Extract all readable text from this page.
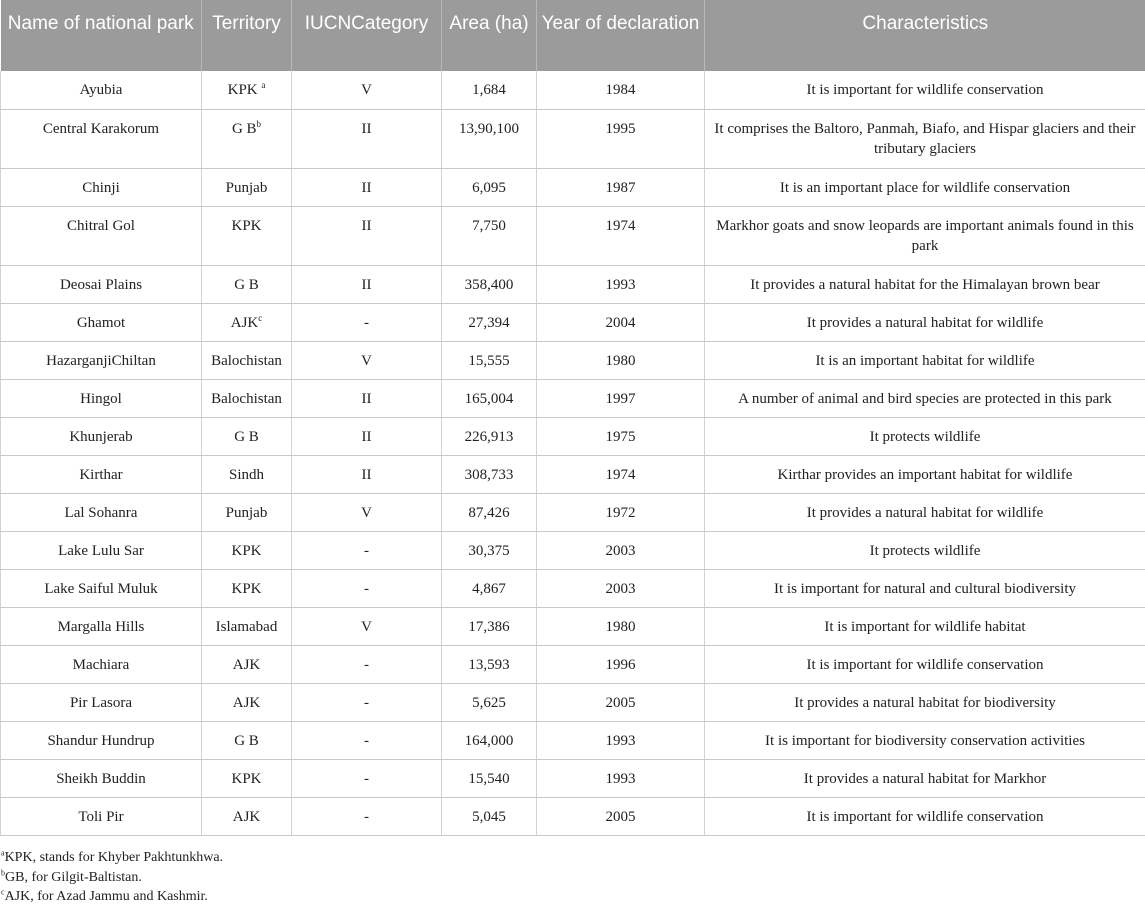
Name of national park	Territory	IUCNCategory	Area (ha)	Year of declaration	Characteristics
Ayubia	KPK $^a$	V	1,684	1984	It is important for wildlife conservation
Central Karakorum	G $B^b$	II	13,90,100	1995	It comprises the Baltoro, Panmah, Biafo, and Hispar glaciers and their tributary glaciers
Chinji	Punjab	II	6,095	1987	It is an important place for wildlife conservation
Chitral Gol	KPK	II	7,750	1974	Markhor goats and snow leopards are important animals found in this park
Deosai Plains	G B	II	358,400	1993	It provides a natural habitat for the Himalayan brown bear
Ghamot	AJK$^c$	-	27,394	2004	It provides a natural habitat for wildlife
HazarganjiChiltan	Balochistan	V	15,555	1980	It is an important habitat for wildlife
Hingol	Balochistan	II	165,004	1997	A number of animal and bird species are protected in this park
Khunjerab	G B	II	226,913	1975	It protects wildlife
Kirthar	Sindh	II	308,733	1974	Kirthar provides an important habitat for wildlife
Lal Sohanra	Punjab	V	87,426	1972	It provides a natural habitat for wildlife
Lake Lulu Sar	KPK	-	30,375	2003	It protects wildlife
Lake Saiful Muluk	KPK	-	4,867	2003	It is important for natural and cultural biodiversity
Margalla Hills	Islamabad	V	17,386	1980	It is important for wildlife habitat
Machiara	AJK	-	13,593	1996	It is important for wildlife conservation
Pir Lasora	AJK	-	5,625	2005	It provides a natural habitat for biodiversity
Shandur Hundrup	G B	-	164,000	1993	It is important for biodiversity conservation activities
Sheikh Buddin	KPK	-	15,540	1993	It provides a natural habitat for Markhor
Toli Pir	AJK	-	5,045	2005	It is important for wildlife conservation
$^a$KPK, stands for Khyber Pakhtunkhwa.
$^b$GB, for Gilgit-Baltistan.
$^c$AJK, for Azad Jammu and Kashmir.
